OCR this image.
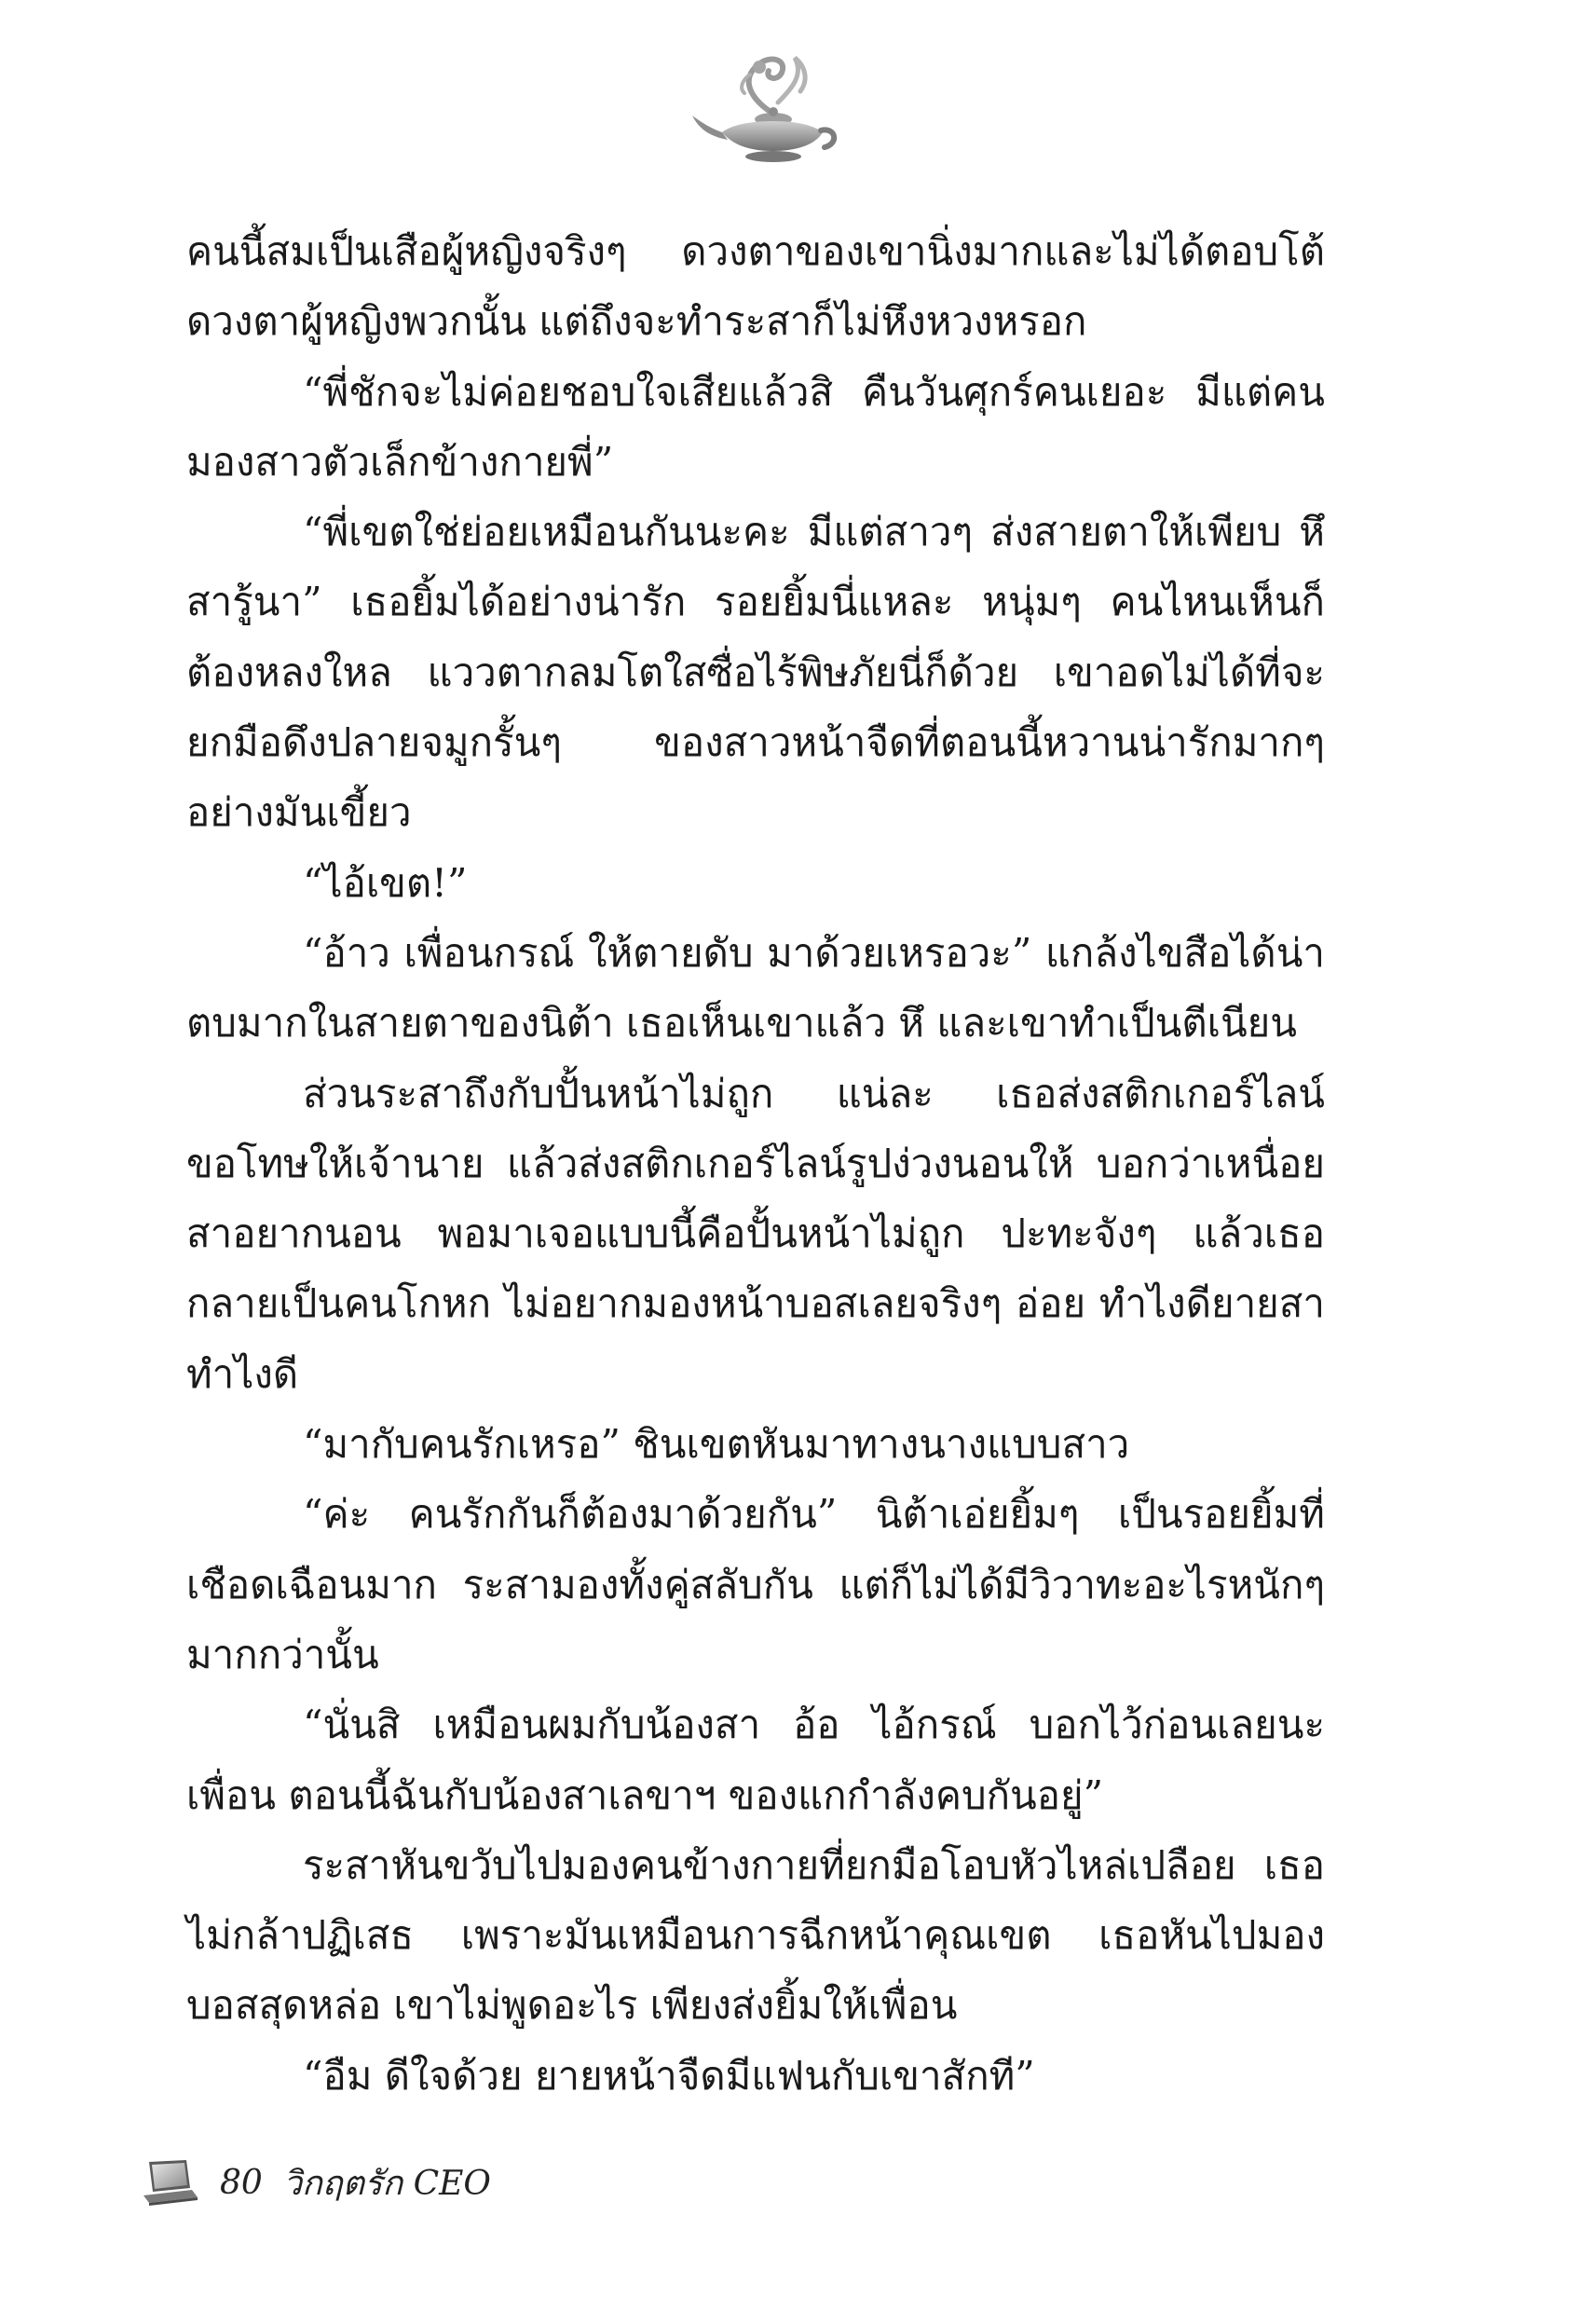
คนนี้สมเป็นเสือผู้หญิงจริงๆ ดวงตาของเขานิ่งมากและไม่ได้ตอบโต้ดวงตาผู้หญิงพวกนั้น แต่ถึงจะทำระสาก็ไม่หึงหวงหรอก

“พี่ชักจะไม่ค่อยชอบใจเสียแล้วสิ คืนวันศุกร์คนเยอะ มีแต่คนมองสาวตัวเล็กข้างกายพี่”

“พี่เขตใช่ย่อยเหมือนกันนะคะ มีแต่สาวๆ ส่งสายตาให้เพียบ หึ สารู้นา” เธอยิ้มได้อย่างน่ารัก รอยยิ้มนี่แหละ หนุ่มๆ คนไหนเห็นก็ต้องหลงใหล แววตากลมโตใสซื่อไร้พิษภัยนี่ก็ด้วย เขาอดไม่ได้ที่จะยกมือดึงปลายจมูกรั้นๆ ของสาวหน้าจืดที่ตอนนี้หวานน่ารักมากๆ อย่างมันเขี้ยว

“ไอ้เขต!”

“อ้าว เพื่อนกรณ์ ให้ตายดับ มาด้วยเหรอวะ” แกล้งไขสือได้น่าตบมากในสายตาของนิต้า เธอเห็นเขาแล้ว หึ และเขาทำเป็นตีเนียน

ส่วนระสาถึงกับปั้นหน้าไม่ถูก แน่ละ เธอส่งสติกเกอร์ไลน์ขอโทษให้เจ้านาย แล้วส่งสติกเกอร์ไลน์รูปง่วงนอนให้ บอกว่าเหนื่อย สาอยากนอน พอมาเจอแบบนี้คือปั้นหน้าไม่ถูก ปะทะจังๆ แล้วเธอกลายเป็นคนโกหก ไม่อยากมองหน้าบอสเลยจริงๆ อ่อย ทำไงดียายสา ทำไงดี

“มากับคนรักเหรอ” ชินเขตหันมาทางนางแบบสาว

“ค่ะ คนรักกันก็ต้องมาด้วยกัน” นิต้าเอ่ยยิ้มๆ เป็นรอยยิ้มที่เชือดเฉือนมาก ระสามองทั้งคู่สลับกัน แต่ก็ไม่ได้มีวิวาทะอะไรหนักๆ มากกว่านั้น

“นั่นสิ เหมือนผมกับน้องสา อ้อ ไอ้กรณ์ บอกไว้ก่อนเลยนะเพื่อน ตอนนี้ฉันกับน้องสาเลขาฯ ของแกกำลังคบกันอยู่”

ระสาหันขวับไปมองคนข้างกายที่ยกมือโอบหัวไหล่เปลือย เธอไม่กล้าปฏิเสธ เพราะมันเหมือนการฉีกหน้าคุณเขต เธอหันไปมองบอสสุดหล่อ เขาไม่พูดอะไร เพียงส่งยิ้มให้เพื่อน

“อืม ดีใจด้วย ยายหน้าจืดมีแฟนกับเขาสักที”

80 วิกฤตรัก CEO
